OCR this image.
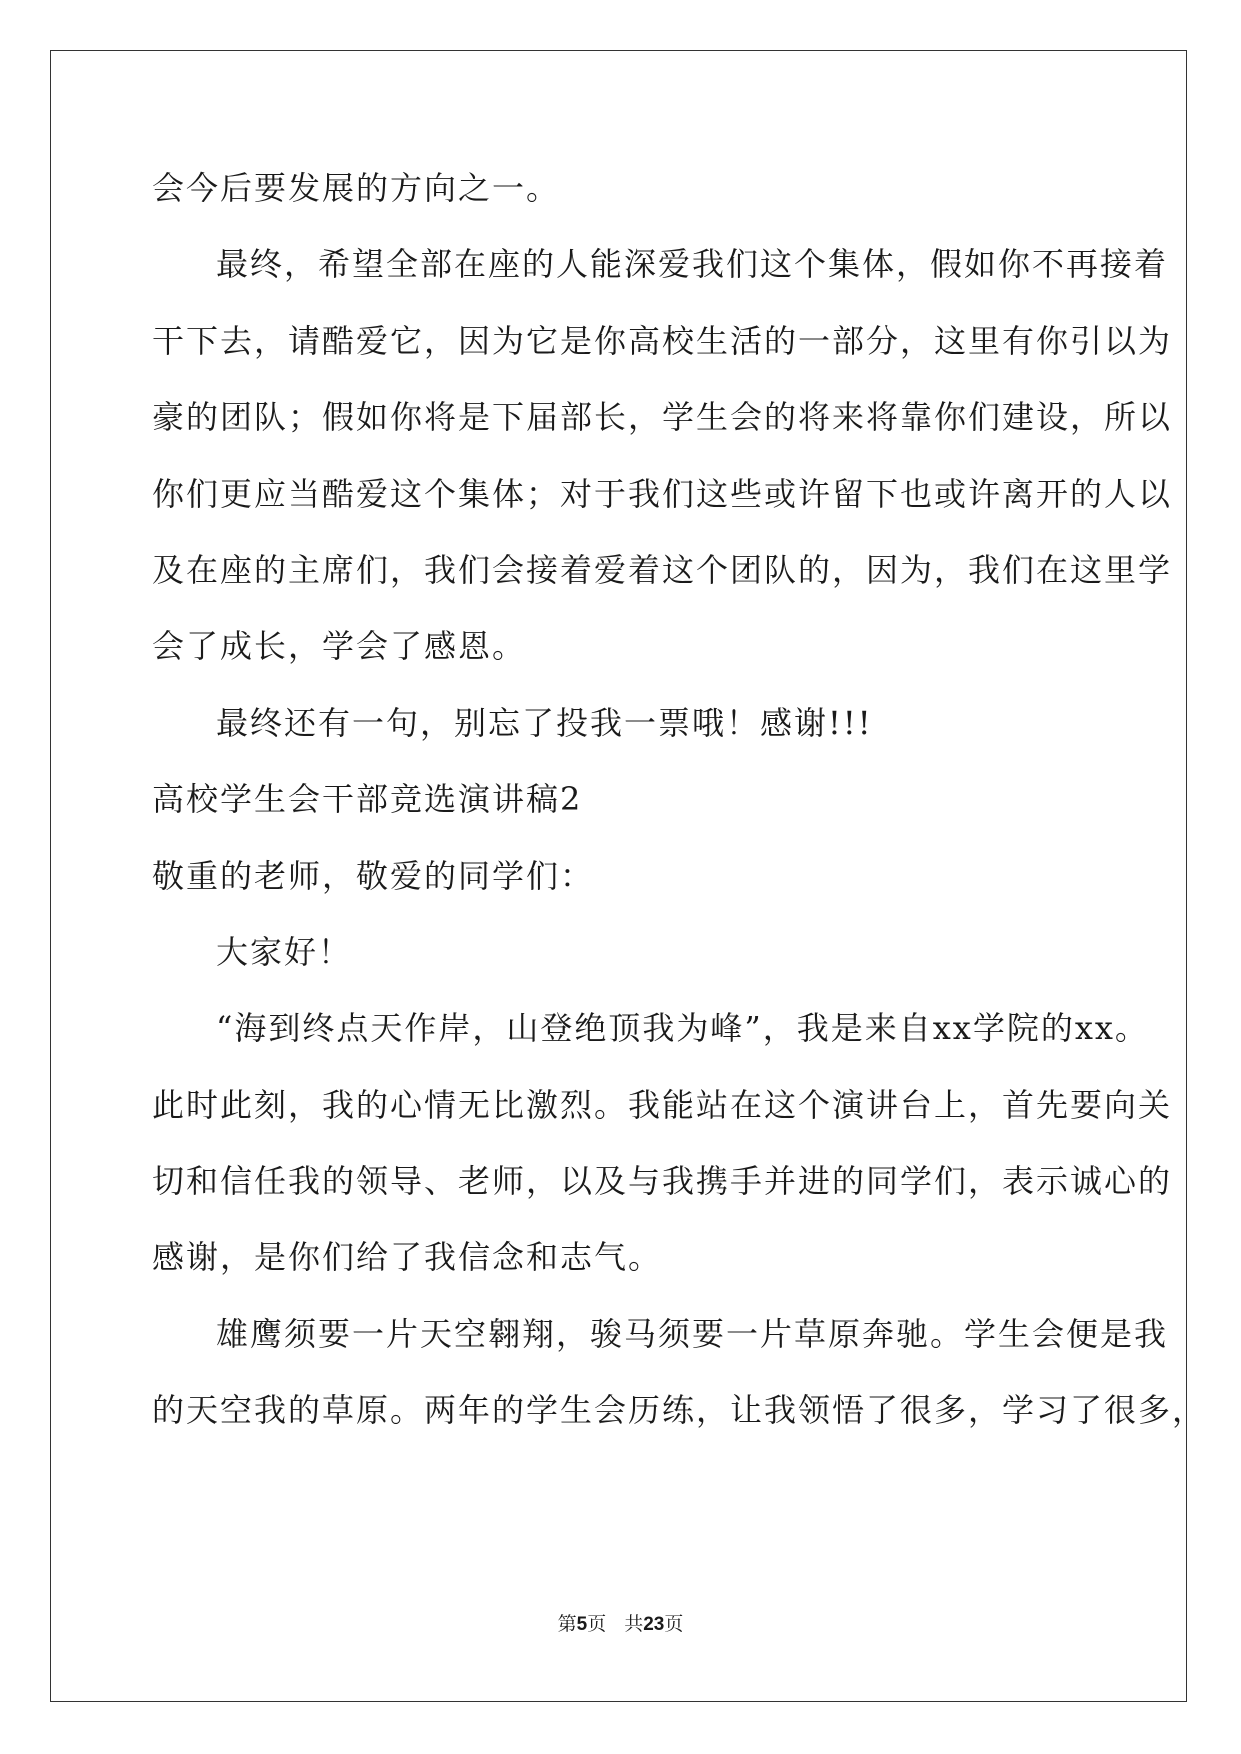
会今后要发展的方向之一。

最终，希望全部在座的人能深爱我们这个集体，假如你不再接着

干下去，请酷爱它，因为它是你高校生活的一部分，这里有你引以为

豪的团队；假如你将是下届部长，学生会的将来将靠你们建设，所以

你们更应当酷爱这个集体；对于我们这些或许留下也或许离开的人以

及在座的主席们，我们会接着爱着这个团队的，因为，我们在这里学

会了成长，学会了感恩。

最终还有一句，别忘了投我一票哦！感谢!!!

高校学生会干部竞选演讲稿2

敬重的老师，敬爱的同学们：

大家好！

“海到终点天作岸，山登绝顶我为峰”，我是来自xx学院的xx。

此时此刻，我的心情无比激烈。我能站在这个演讲台上，首先要向关

切和信任我的领导、老师，以及与我携手并进的同学们，表示诚心的

感谢，是你们给了我信念和志气。

雄鹰须要一片天空翱翔，骏马须要一片草原奔驰。学生会便是我

的天空我的草原。两年的学生会历练，让我领悟了很多，学习了很多，

第5页 共23页
